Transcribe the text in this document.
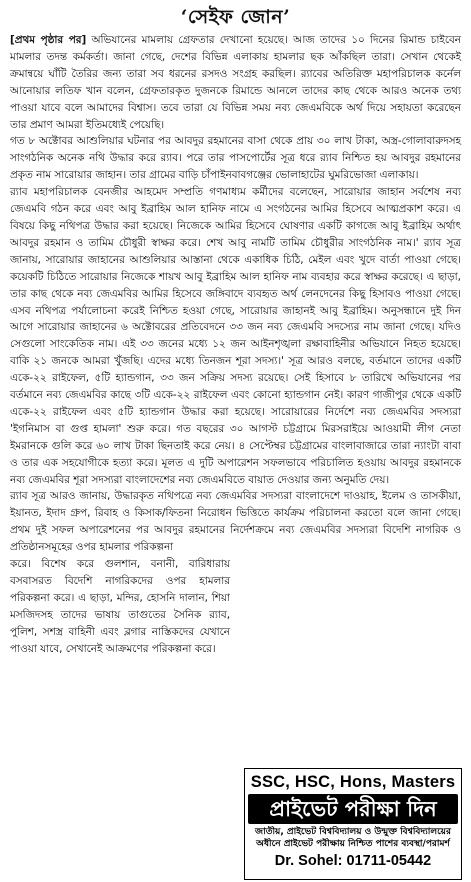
‘সেইফ জোন’

[প্রথম পৃষ্ঠার পর] অভিযানের মামলায় গ্রেফতার দেখানো হয়েছে। আজ তাদের ১০ দিনের রিমান্ড চাইবেন মামলার তদন্ত কর্মকর্তা। জানা গেছে, দেশের বিভিন্ন এলাকায় হামলার ছক আঁকছিল তারা। সেখান থেকেই ক্রমান্বয়ে ঘাঁটি তৈরির জন্য তারা সব ধরনের রসদও সংগ্রহ করছিল। র‌্যাবের অতিরিক্ত মহাপরিচালক কর্নেল আনোয়ার লতিফ খান বলেন, গ্রেফতারকৃত দুজনকে রিমান্ডে আনলে তাদের কাছ থেকে আরও অনেক তথ্য পাওয়া যাবে বলে আমাদের বিশ্বাস। তবে তারা যে বিভিন্ন সময় নব্য জেএমবিকে অর্থ দিয়ে সহায়তা করেছেন তার প্রমাণ আমরা ইতিমধ্যেই পেয়েছি।

গত ৮ অক্টোবর আশুলিয়ার ঘটনার পর আবদুর রহমানের বাসা থেকে প্রায় ৩০ লাখ টাকা, অস্ত্র-গোলাবারুদসহ সাংগঠনিক অনেক নথি উদ্ধার করে র‌্যাব। পরে তার পাসপোর্টের সূত্র ধরে র‌্যাব নিশ্চিত হয় আবদুর রহমানের প্রকৃত নাম সারোয়ার জাহান। তার গ্রামের বাড়ি চাঁপাইনবাবগঞ্জের ভোলাহাটের ঘুমরিভোজা এলাকায়।

র‌্যাব মহাপরিচালক বেনজীর আহমেদ সম্প্রতি গণমাধ্যম কর্মীদের বলেছেন, সারোয়ার জাহান সর্বশেষ নব্য জেএমবি গঠন করে এবং আবু ইব্রাহিম আল হানিফ নামে এ সংগঠনের আমির হিসেবে আত্মপ্রকাশ করে। এ বিষয়ে কিছু নথিপত্র উদ্ধার করা হয়েছে। নিজেকে আমির হিসেবে ঘোষণার একটি কাগজে আবু ইব্রাহিম অর্থাৎ আবদুর রহমান ও তামিম চৌধুরী স্বাক্ষর করে। শেখ আবু নামটি তামিম চৌধুরীর সাংগঠনিক নাম।' র‌্যাব সূত্র জানায়, সারোয়ার জাহানের আশুলিয়ার আস্তানা থেকে একাধিক চিঠি, মেইল এবং খুদে বার্তা পাওয়া গেছে। কয়েকটি চিঠিতে সারোয়ার নিজেকে শায়খ আবু ইব্রাহিম আল হানিফ নাম ব্যবহার করে স্বাক্ষর করেছে। এ ছাড়া, তার কাছ থেকে নব্য জেএমবির আমির হিসেবে জঙ্গিবাদে ব্যবহৃত অর্থ লেনদেনের কিছু হিসাবও পাওয়া গেছে। এসব নথিপত্র পর্যালোচনা করেই নিশ্চিত হওয়া গেছে, সারোয়ার জাহানই আবু ইব্রাহিম। অনুসন্ধানে দুই দিন আগে সারোয়ার জাহানের ৬ অক্টোবরের প্রতিবেদনে ৩৩ জন নব্য জেএমবি সদস্যের নাম জানা গেছে। যদিও সেগুলো সাংকেতিক নাম। এই ৩৩ জনের মধ্যে ১২ জন আইনশৃঙ্খলা রক্ষাবাহিনীর অভিযানে নিহত হয়েছে। বাকি ২১ জনকে আমরা খুঁজছি। এদের মধ্যে তিনজন শূরা সদস্য।' সূত্র আরও বলছে, বর্তমানে তাদের একটি একে-২২ রাইফেল, ৫টি হ্যান্ডগান, ৩৩ জন সক্রিয় সদস্য রয়েছে। সেই হিসাবে ৮ তারিখে অভিযানের পর বর্তমানে নব্য জেএমবির কাছে ৩টি একে-২২ রাইফেল এবং কোনো হ্যান্ডগান নেই। কারণ গাজীপুর থেকে একটি একে-২২ রাইফেল এবং ৫টি হ্যান্ডগান উদ্ধার করা হয়েছে। সারোয়ারের নির্দেশে নব্য জেএমবির সদস্যরা 'ইগনিমাস বা গুপ্ত হামলা' শুরু করে। গত বছরের ৩০ আগস্ট চট্টগ্রামে মিরসরাইয়ে আওয়ামী লীগ নেতা ইমরানকে গুলি করে ৬০ লাখ টাকা ছিনতাই করে নেয়। ৪ সেপ্টেম্বর চট্টগ্রামের বাংলাবাজারে তারা ন্যাংটা বাবা ও তার এক সহযোগীকে হত্যা করে। মূলত এ দুটি অপারেশন সফলভাবে পরিচালিত হওয়ায় আবদুর রহমানকে নব্য জেএমবির শূরা সদস্যরা বাংলাদেশের নব্য জেএমবিতে বায়াত দেওয়ার জন্য অনুমতি দেয়।

র‌্যাব সূত্র আরও জানায়, উদ্ধারকৃত নথিপত্রে নব্য জেএমবির সদস্যরা বাংলাদেশে দাওয়াহ, ইলেম ও তাসকীয়া, ইয়ানত, ইদাদ গ্রুপ, রিবাহ ও কিসাক/ফিতনা নিরোধন ভিত্তিতে কার্যক্রম পরিচালনা করতো বলে জানা গেছে। প্রথম দুই সফল অপারেশনের পর আবদুর রহমানের নির্দেশক্রমে নব্য জেএমবির সদস্যরা বিদেশি নাগরিক ও প্রতিষ্ঠানসমূহের ওপর হামলার পরিকল্পনা

করে। বিশেষ করে গুলশান, বনানী, বারিধারায় বসবাসরত বিদেশি নাগরিকদের ওপর হামলার পরিকল্পনা করে। এ ছাড়া, মন্দির, হোসনি দালান, শিয়া মসজিদসহ তাদের ভাষায় তাগুতের সৈনিক র‌্যাব, পুলিশ, সশস্ত্র বাহিনী এবং ব্লগার নাস্তিকদের যেখানে পাওয়া যাবে, সেখানেই আক্রমণের পরিকল্পনা করে।
SSC, HSC, Hons, Masters
প্রাইভেট পরীক্ষা দিন
জাতীয়, প্রাইভেট বিশ্ববিদ্যালয় ও উন্মুক্ত বিশ্ববিদ্যালয়ের
অধীনে প্রাইভেট পরীক্ষায় নিশ্চিত পাশের ব্যবস্থা/পরামর্শ
Dr. Sohel: 01711-05442
